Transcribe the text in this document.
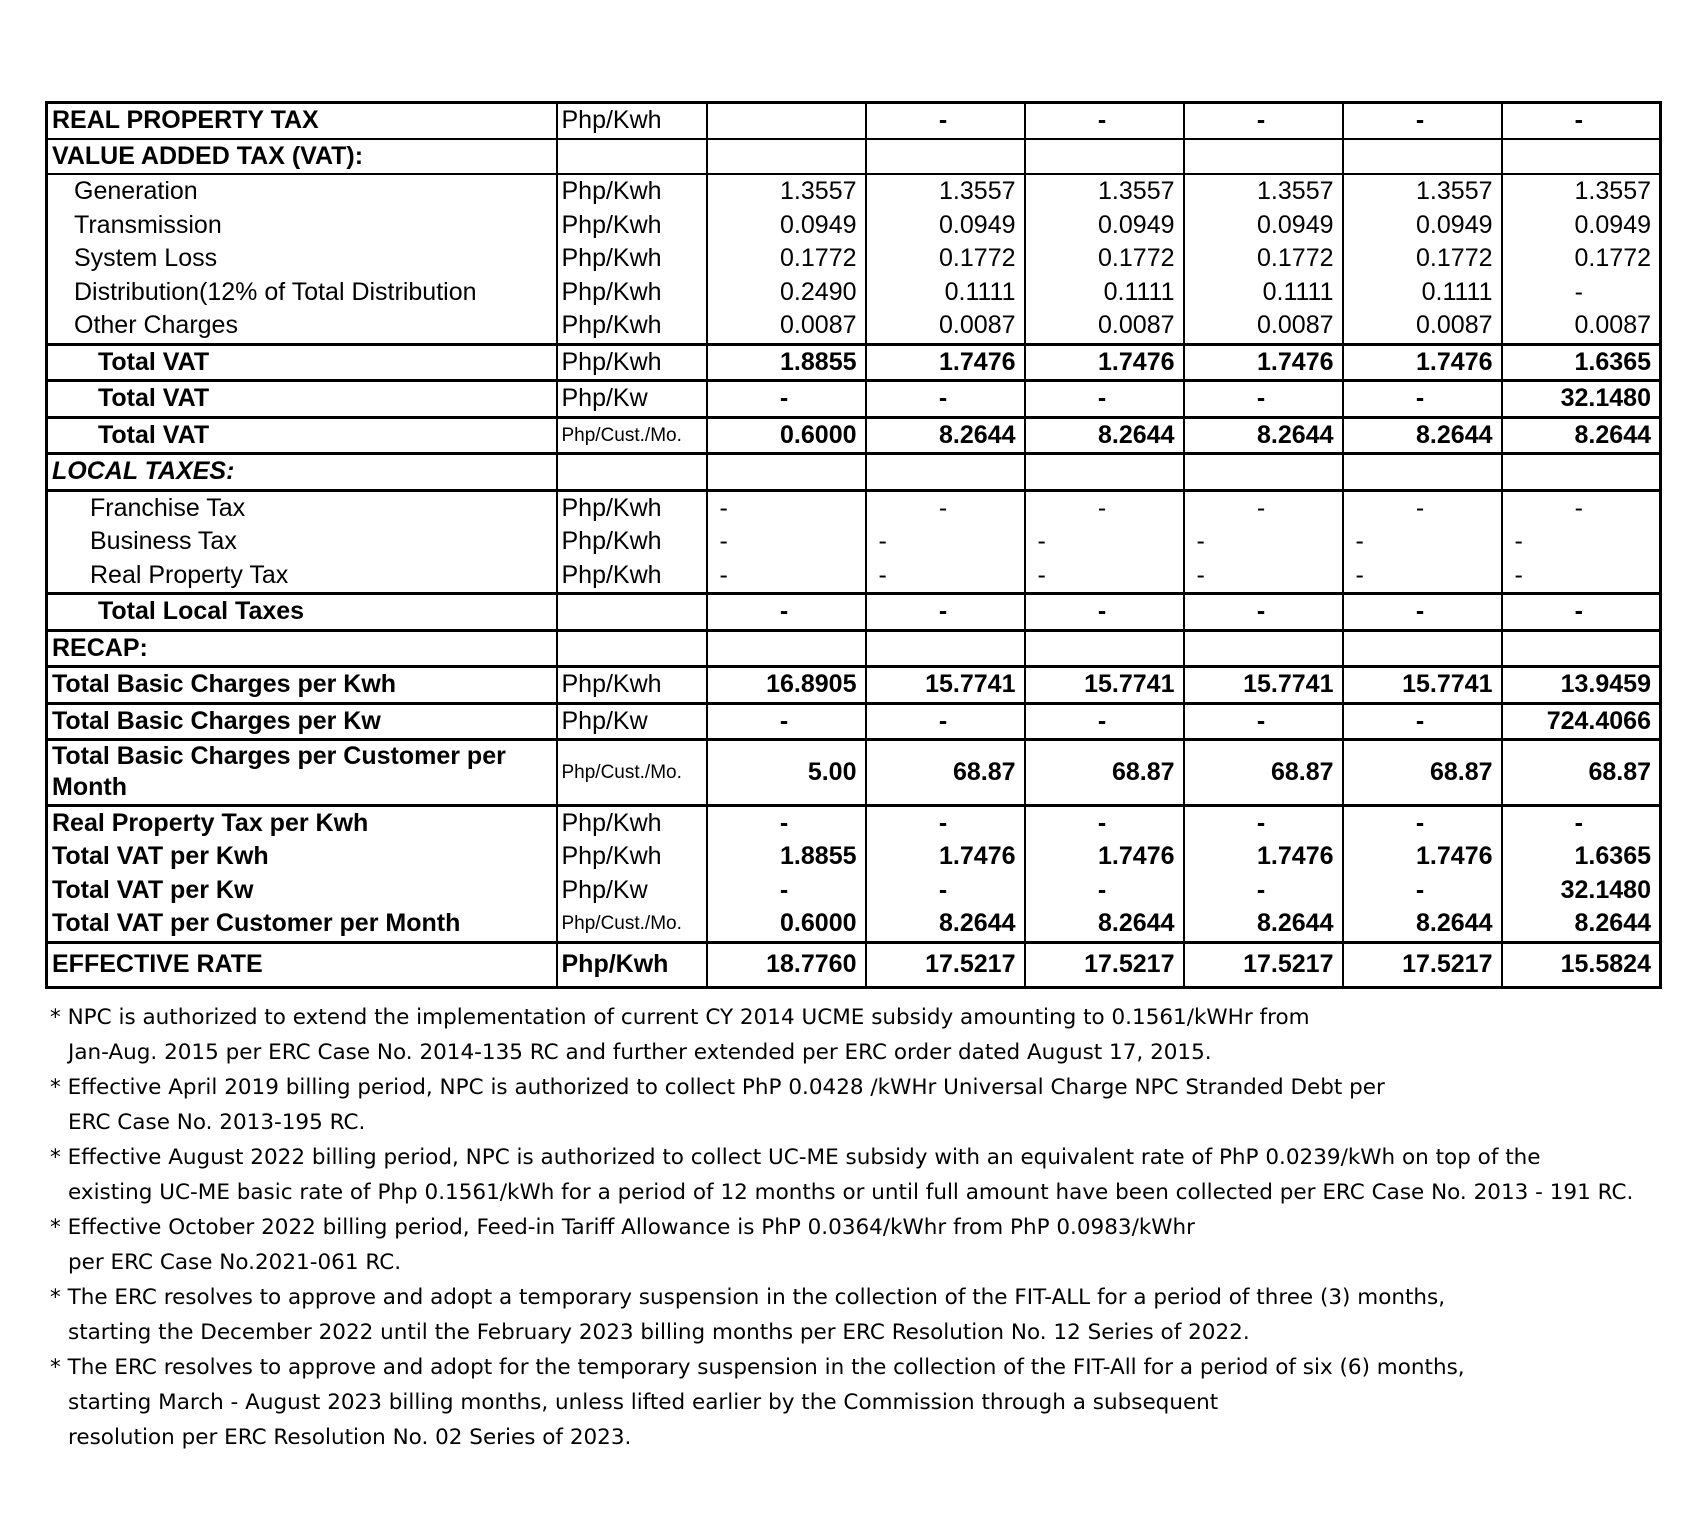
REAL PROPERTY TAX	Php/Kwh		-	-	-	-	-
VALUE ADDED TAX (VAT):							
Generation	Php/Kwh	1.3557	1.3557	1.3557	1.3557	1.3557	1.3557
Transmission	Php/Kwh	0.0949	0.0949	0.0949	0.0949	0.0949	0.0949
System Loss	Php/Kwh	0.1772	0.1772	0.1772	0.1772	0.1772	0.1772
Distribution(12% of Total Distribution	Php/Kwh	0.2490	0.1111	0.1111	0.1111	0.1111	-
Other Charges	Php/Kwh	0.0087	0.0087	0.0087	0.0087	0.0087	0.0087
Total VAT	Php/Kwh	1.8855	1.7476	1.7476	1.7476	1.7476	1.6365
Total VAT	Php/Kw	-	-	-	-	-	32.1480
Total VAT	Php/Cust./Mo.	0.6000	8.2644	8.2644	8.2644	8.2644	8.2644
LOCAL TAXES:							
Franchise Tax	Php/Kwh	-	-	-	-	-	-
Business Tax	Php/Kwh	-	-	-	-	-	-
Real Property Tax	Php/Kwh	-	-	-	-	-	-
Total Local Taxes		-	-	-	-	-	-
RECAP:							
Total Basic Charges per Kwh	Php/Kwh	16.8905	15.7741	15.7741	15.7741	15.7741	13.9459
Total Basic Charges per Kw	Php/Kw	-	-	-	-	-	724.4066
Total Basic Charges per Customer per Month	Php/Cust./Mo.	5.00	68.87	68.87	68.87	68.87	68.87
Real Property Tax per Kwh	Php/Kwh	-	-	-	-	-	-
Total VAT per Kwh	Php/Kwh	1.8855	1.7476	1.7476	1.7476	1.7476	1.6365
Total VAT per Kw	Php/Kw	-	-	-	-	-	32.1480
Total VAT per Customer per Month	Php/Cust./Mo.	0.6000	8.2644	8.2644	8.2644	8.2644	8.2644
EFFECTIVE RATE	Php/Kwh	18.7760	17.5217	17.5217	17.5217	17.5217	15.5824

* NPC is authorized to extend the implementation of current CY 2014 UCME subsidy amounting to 0.1561/kWHr from
Jan-Aug. 2015 per ERC Case No. 2014-135 RC and further extended per ERC order dated August 17, 2015.

* Effective April 2019 billing period, NPC is authorized to collect PhP 0.0428 /kWHr Universal Charge NPC Stranded Debt per
ERC Case No. 2013-195 RC.

* Effective August 2022 billing period, NPC is authorized to collect UC-ME subsidy with an equivalent rate of PhP 0.0239/kWh on top of the
existing UC-ME basic rate of Php 0.1561/kWh for a period of 12 months or until full amount have been collected per ERC Case No. 2013 - 191 RC.

* Effective October 2022 billing period, Feed-in Tariff Allowance is PhP 0.0364/kWhr from PhP 0.0983/kWhr
per ERC Case No.2021-061 RC.

* The ERC resolves to approve and adopt a temporary suspension in the collection of the FIT-ALL for a period of three (3) months,
starting the December 2022 until the February 2023 billing months per ERC Resolution No. 12 Series of 2022.

* The ERC resolves to approve and adopt for the temporary suspension in the collection of the FIT-All for a period of six (6) months,
starting March - August 2023 billing months, unless lifted earlier by the Commission through a subsequent
resolution per ERC Resolution No. 02 Series of 2023.
